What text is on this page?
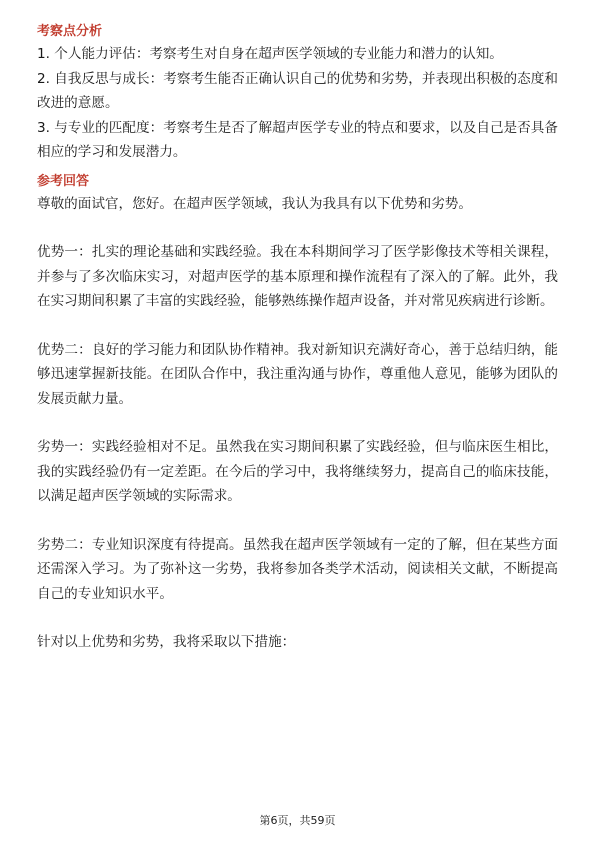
考察点分析

1. 个人能力评估：考察考生对自身在超声医学领域的专业能力和潜力的认知。

2. 自我反思与成长：考察考生能否正确认识自己的优势和劣势，并表现出积极的态度和改进的意愿。

3. 与专业的匹配度：考察考生是否了解超声医学专业的特点和要求，以及自己是否具备相应的学习和发展潜力。

参考回答

尊敬的面试官，您好。在超声医学领域，我认为我具有以下优势和劣势。

优势一：扎实的理论基础和实践经验。我在本科期间学习了医学影像技术等相关课程，并参与了多次临床实习，对超声医学的基本原理和操作流程有了深入的了解。此外，我在实习期间积累了丰富的实践经验，能够熟练操作超声设备，并对常见疾病进行诊断。

优势二：良好的学习能力和团队协作精神。我对新知识充满好奇心，善于总结归纳，能够迅速掌握新技能。在团队合作中，我注重沟通与协作，尊重他人意见，能够为团队的发展贡献力量。

劣势一：实践经验相对不足。虽然我在实习期间积累了实践经验，但与临床医生相比，我的实践经验仍有一定差距。在今后的学习中，我将继续努力，提高自己的临床技能，以满足超声医学领域的实际需求。

劣势二：专业知识深度有待提高。虽然我在超声医学领域有一定的了解，但在某些方面还需深入学习。为了弥补这一劣势，我将参加各类学术活动，阅读相关文献，不断提高自己的专业知识水平。

针对以上优势和劣势，我将采取以下措施：

第6页，共59页
